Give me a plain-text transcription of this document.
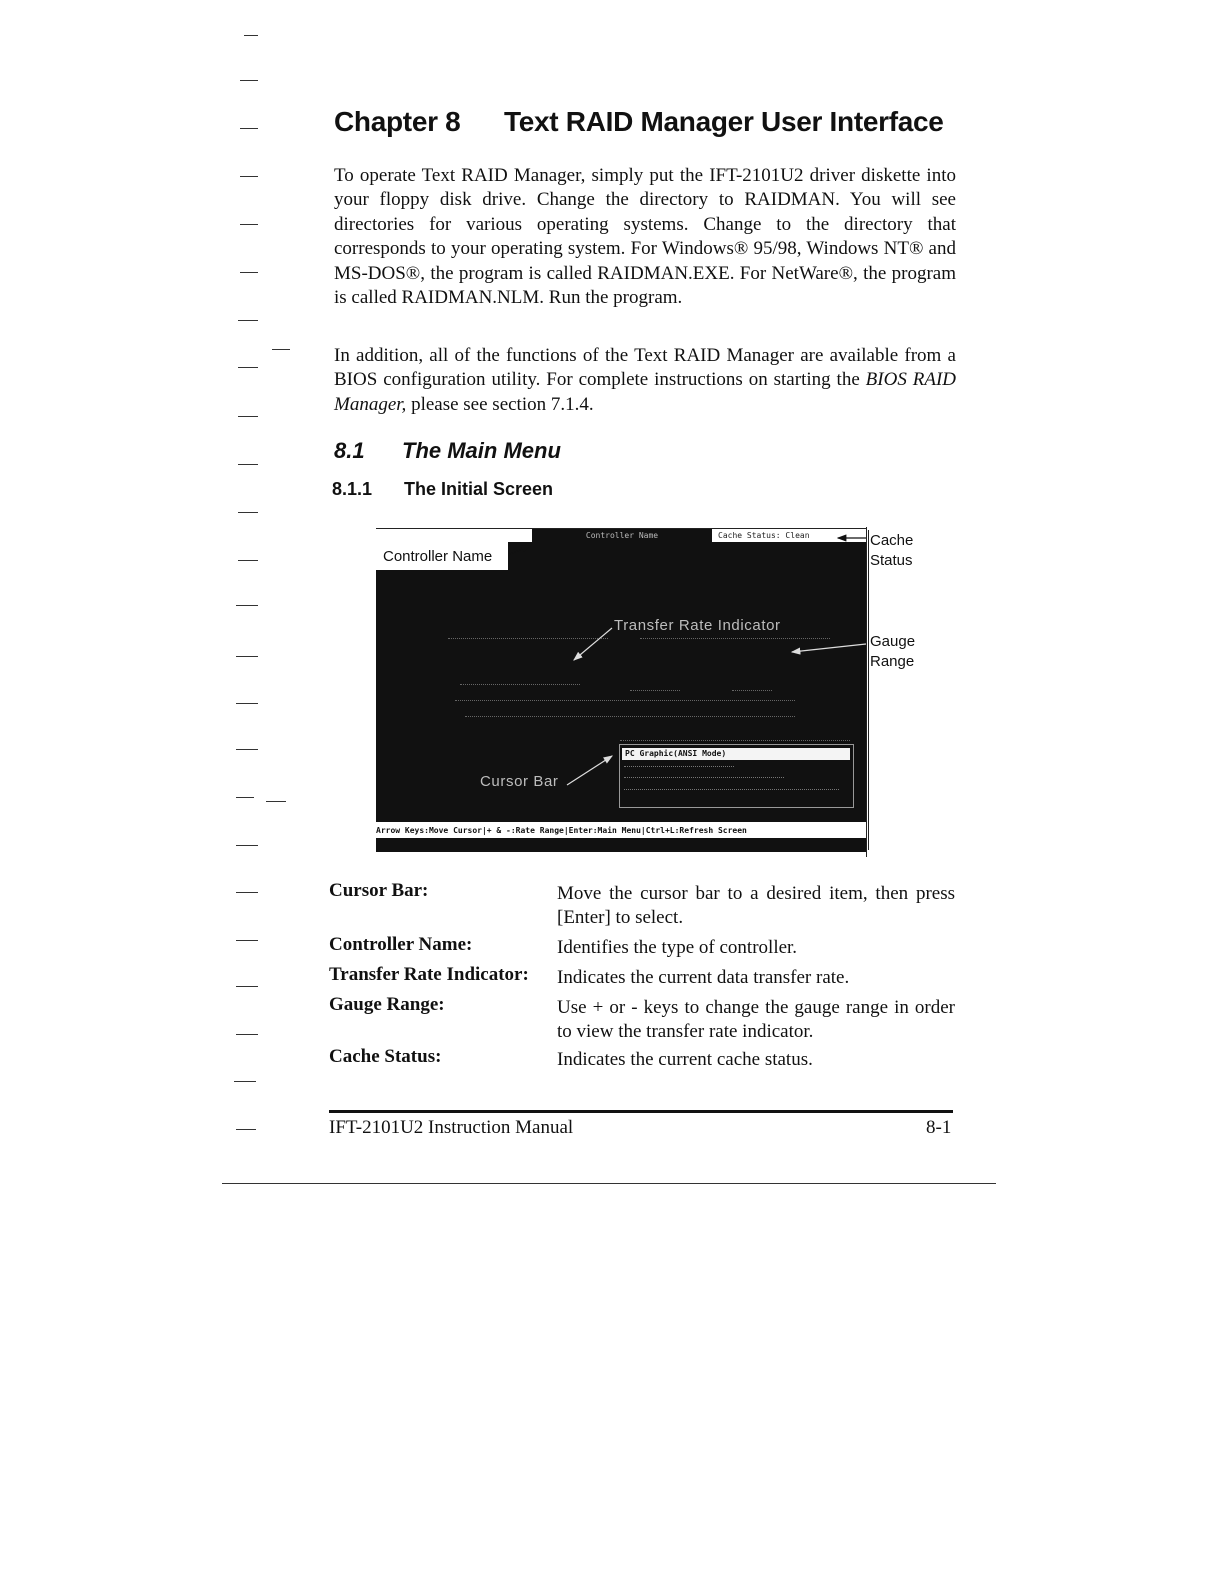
Chapter 8 Text RAID Manager User Interface

To operate Text RAID Manager, simply put the IFT-2101U2 driver diskette into your floppy disk drive. Change the directory to RAIDMAN. You will see directories for various operating systems. Change to the directory that corresponds to your operating system. For Windows® 95/98, Windows NT® and MS-DOS®, the program is called RAIDMAN.EXE. For NetWare®, the program is called RAIDMAN.NLM. Run the program.

In addition, all of the functions of the Text RAID Manager are available from a BIOS configuration utility. For complete instructions on starting the BIOS RAID Manager, please see section 7.1.4.

8.1 The Main Menu
8.1.1 The Initial Screen
Controller Name	Cache Status: Clean
Controller Name
Cache
Status
Gauge
Range
Transfer Rate Indicator
Cursor Bar
PC Graphic(ANSI Mode)
Arrow Keys:Move Cursor|+ & -:Rate Range|Enter:Main Menu|Ctrl+L:Refresh Screen
Cursor Bar:	Move the cursor bar to a desired item, then press [Enter] to select.
Controller Name:	Identifies the type of controller.
Transfer Rate Indicator: Indicates the current data transfer rate.
Gauge Range:	Use + or - keys to change the gauge range in order to view the transfer rate indicator.
Cache Status:	Indicates the current cache status.
IFT-2101U2 Instruction Manual	8-1
